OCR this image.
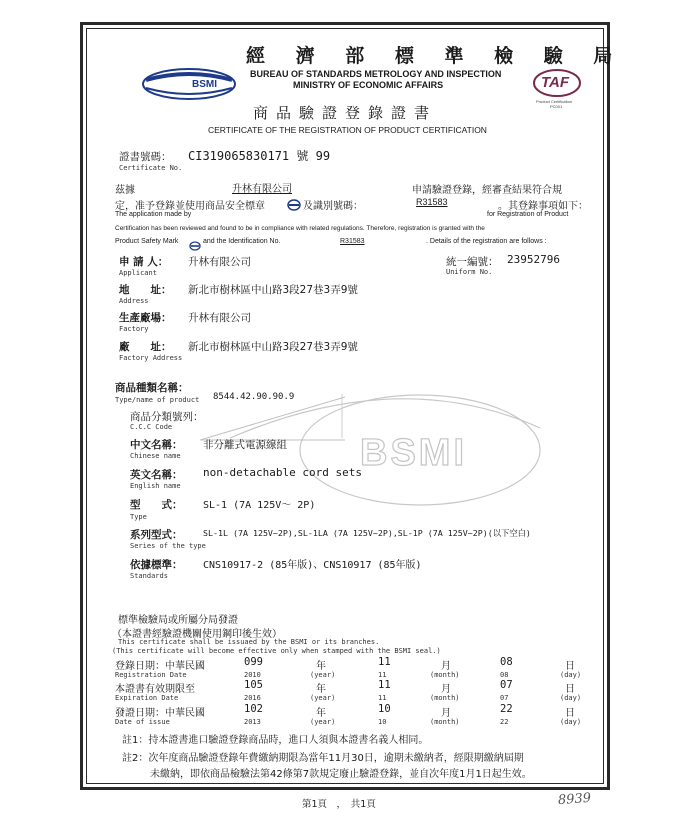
BSMI	TAF
Product Certification
PC001
經 濟 部 標 準 檢 驗 局
BUREAU OF STANDARDS METROLOGY AND INSPECTION
MINISTRY OF ECONOMIC AFFAIRS
商品驗證登錄證書
CERTIFICATE OF THE REGISTRATION OF PRODUCT CERTIFICATION
證書號碼： CI319065830171 號 99
Certificate No.
茲據	升林有限公司	申請驗證登錄，經審查結果符合規
定，准予登錄並使用商品安全標章	及識別號碼：	R31583	。其登錄事項如下：
The application made by	for Registration of Product
Certification has been reviewed and found to be in compliance with related regulations. Therefore, registration is granted with the
Product Safety Mark	and the Identification No.	R31583	. Details of the registration are follows :
申 請 人： 升林有限公司
Applicant
統一編號： 23952796
Uniform No.
地　　址： 新北市樹林區中山路3段27巷3弄9號
Address
生產廠場： 升林有限公司
Factory
廠　　址： 新北市樹林區中山路3段27巷3弄9號
Factory Address
BSMI
商品種類名稱：
Type/name of product 8544.42.90.90.9
商品分類號列：
C.C.C Code
中文名稱： 非分離式電源線組
Chinese name
英文名稱： non-detachable cord sets
English name
型　　式： SL-1 (7A 125V～ 2P)
Type
系列型式： SL-1L (7A 125V~2P),SL-1LA (7A 125V~2P),SL-1P (7A 125V~2P)(以下空白)
Series of the type
依據標準： CNS10917-2 (85年版)、CNS10917 (85年版)
Standards
標準檢驗局或所屬分局發證
（本證書經驗證機關使用鋼印後生效）
This certificate shall be issuaed by the BSMI or its branches.
(This certificate will become effective only when stamped with the BSMI seal.)
登錄日期：中華民國	099	年	11	月	08	日
Registration Date	2010	(year)	11	(month)	08	(day)
本證書有效期限至	105	年	11	月	07	日
Expiration Date	2016	(year)	11	(month)	07	(day)
發證日期：中華民國	102	年	10	月	22	日
Date of issue	2013	(year)	10	(month)	22	(day)
註1：持本證書進口驗證登錄商品時，進口人須與本證書名義人相同。
註2：次年度商品驗證登錄年費繳納期限為當年11月30日，逾期未繳納者，經限期繳納屆期
未繳納，即依商品檢驗法第42條第7款規定廢止驗證登錄，並自次年度1月1日起生效。
第1頁　，　共1頁	8939
